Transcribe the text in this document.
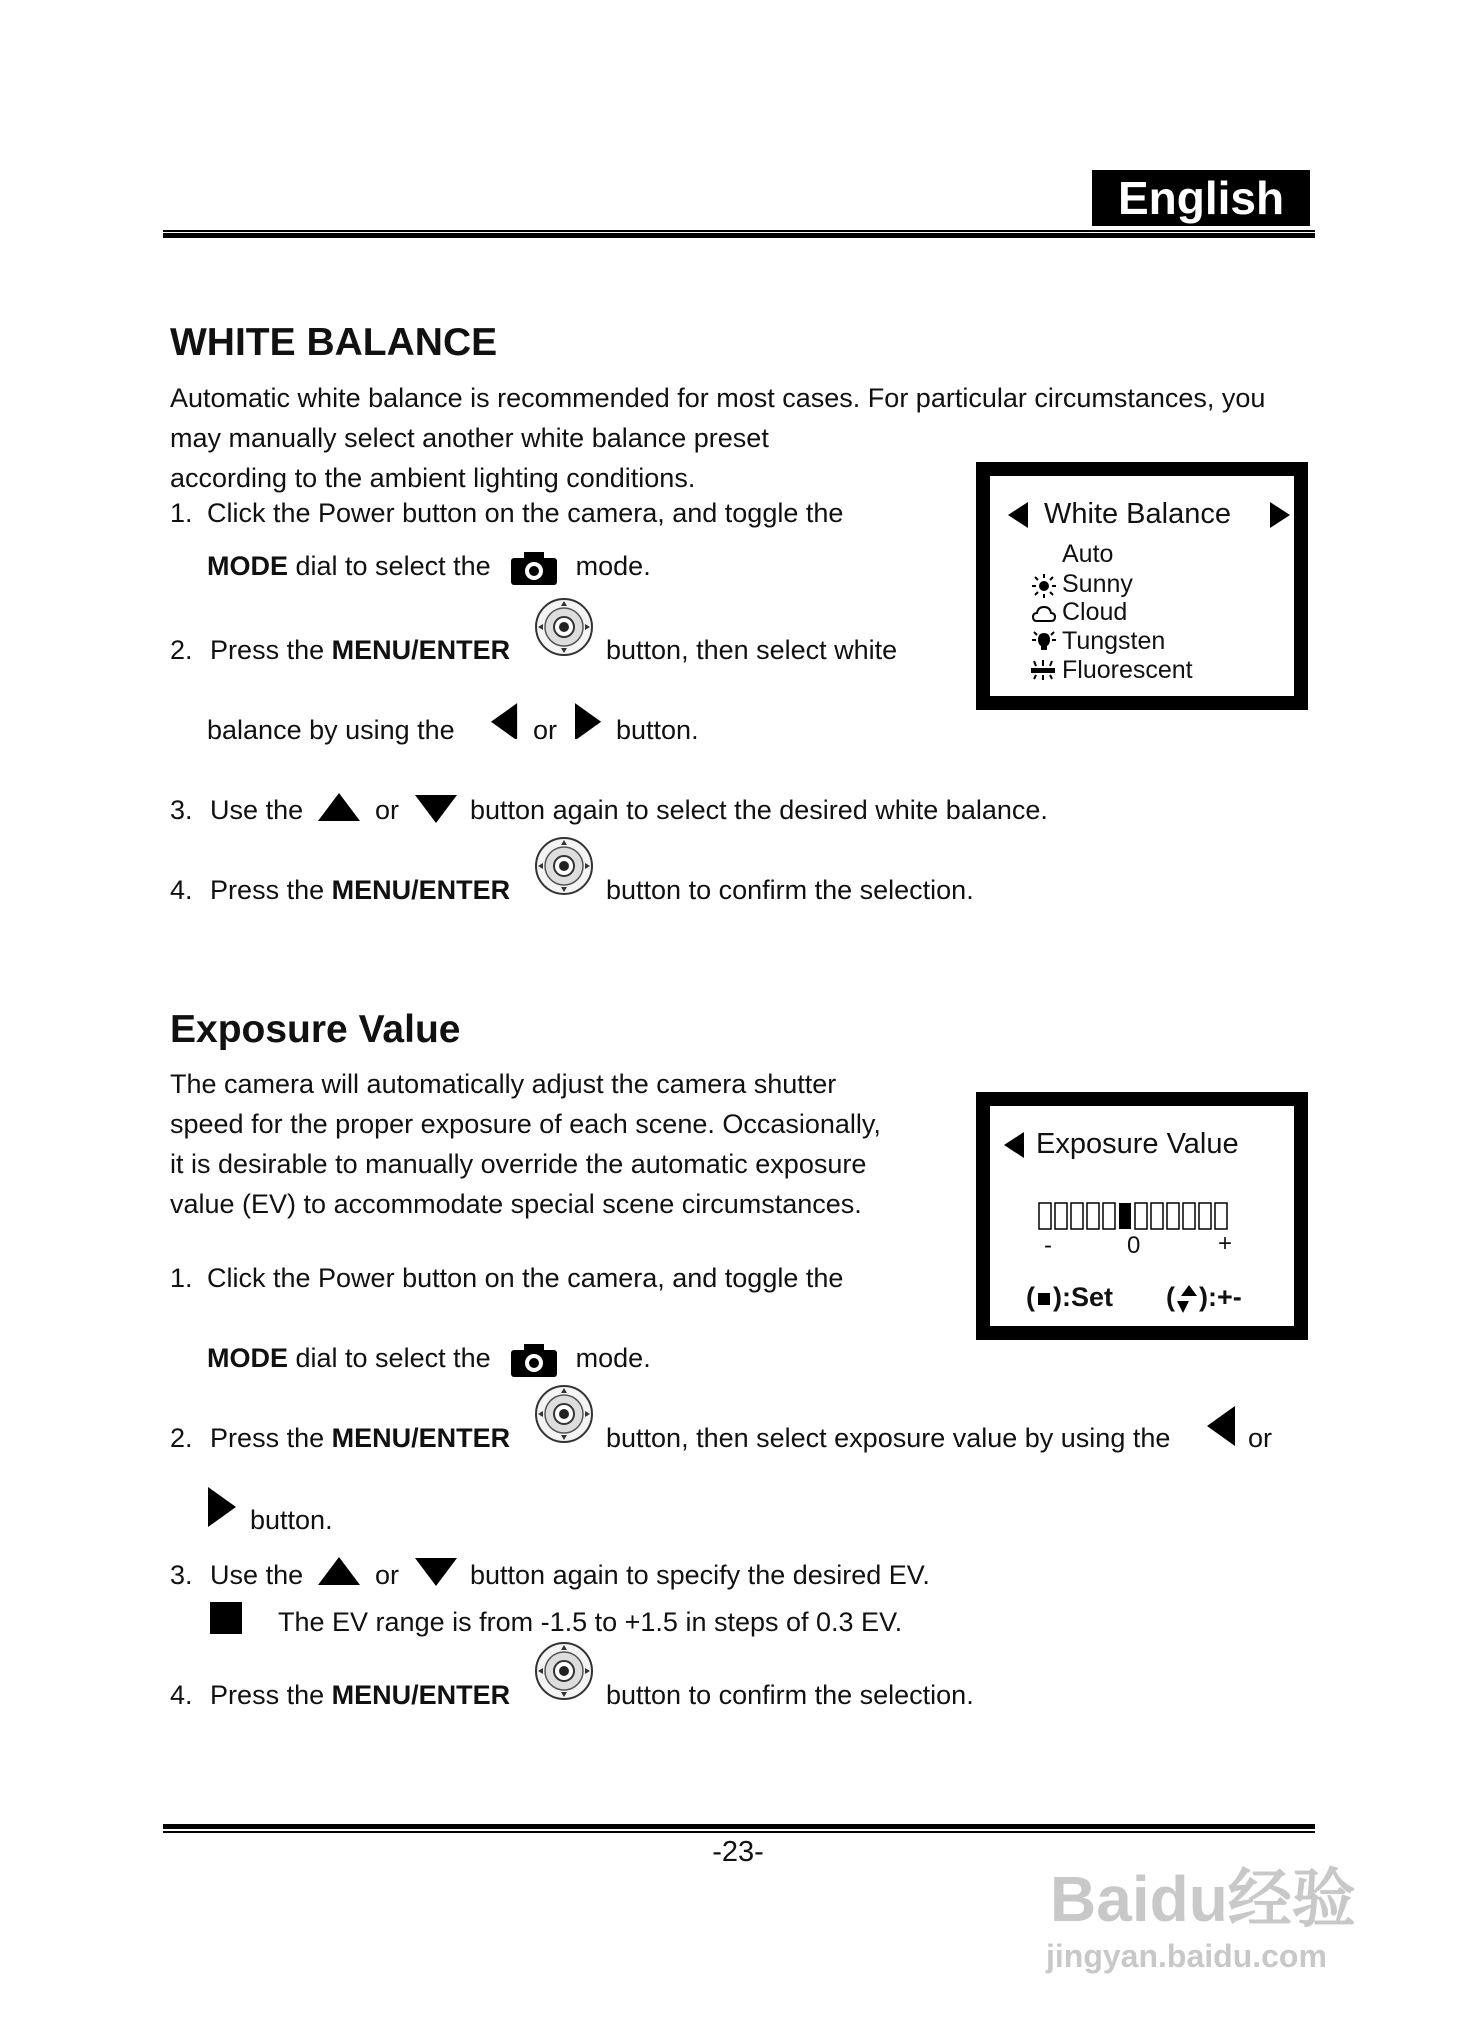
English
WHITE BALANCE
Automatic white balance is recommended for most cases. For particular circumstances, you
may manually select another white balance preset
according to the ambient lighting conditions.
1. Click the Power button on the camera, and toggle the
MODE dial to select the	mode.
2. Press the MENU/ENTER	button, then select white
balance by using the	or button.
3. Use the	or	button again to select the desired white balance.
4. Press the MENU/ENTER	button to confirm the selection.
White Balance
Auto
Sunny
Cloud
Tungsten
Fluorescent
Exposure Value
The camera will automatically adjust the camera shutter
speed for the proper exposure of each scene. Occasionally,
it is desirable to manually override the automatic exposure
value (EV) to accommodate special scene circumstances.
1. Click the Power button on the camera, and toggle the
MODE dial to select the	mode.
2. Press the MENU/ENTER	button, then select exposure value by using the	or
button.
3. Use the	or	button again to specify the desired EV.
The EV range is from -1.5 to +1.5 in steps of 0.3 EV.
4. Press the MENU/ENTER	button to confirm the selection.
Exposure Value
-	0	+
( ):Set ( ):+-
-23-
Baidu经验
jingyan.baidu.com
